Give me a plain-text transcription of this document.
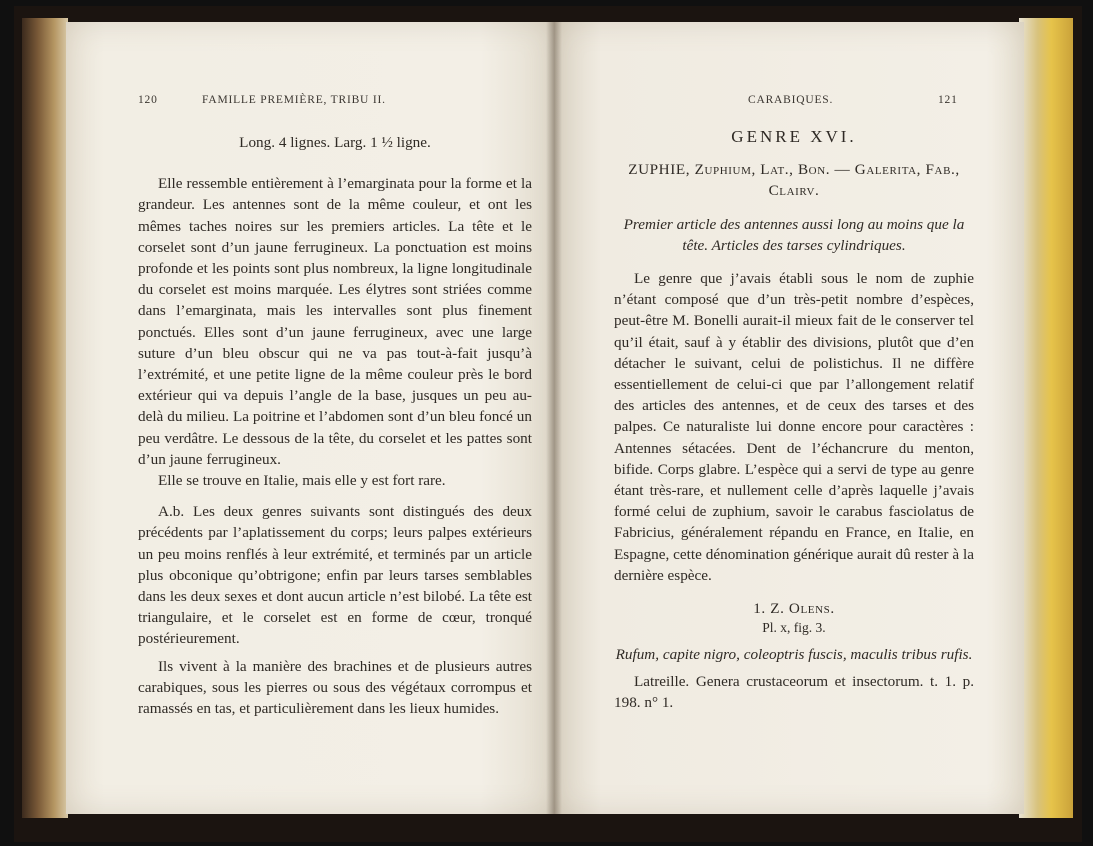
120	FAMILLE PREMIÈRE, TRIBU II.

Long. 4 lignes. Larg. 1 ½ ligne.

Elle ressemble entièrement à l’emarginata pour la forme et la grandeur. Les antennes sont de la même couleur, et ont les mêmes taches noires sur les premiers articles. La tête et le corselet sont d’un jaune ferrugineux. La ponctuation est moins profonde et les points sont plus nombreux, la ligne longitudinale du corselet est moins marquée. Les élytres sont striées comme dans l’emarginata, mais les intervalles sont plus finement ponctués. Elles sont d’un jaune ferrugineux, avec une large suture d’un bleu obscur qui ne va pas tout-à-fait jusqu’à l’extrémité, et une petite ligne de la même couleur près le bord extérieur qui va depuis l’angle de la base, jusques un peu au-delà du milieu. La poitrine et l’abdomen sont d’un bleu foncé un peu verdâtre. Le dessous de la tête, du corselet et les pattes sont d’un jaune ferrugineux.

Elle se trouve en Italie, mais elle y est fort rare.

A.b. Les deux genres suivants sont distingués des deux précédents par l’aplatissement du corps; leurs palpes extérieurs un peu moins renflés à leur extrémité, et terminés par un article plus obconique qu’obtrigone; enfin par leurs tarses semblables dans les deux sexes et dont aucun article n’est bilobé. La tête est triangulaire, et le corselet est en forme de cœur, tronqué postérieurement.

Ils vivent à la manière des brachines et de plusieurs autres carabiques, sous les pierres ou sous des végétaux corrompus et ramassés en tas, et particulièrement dans les lieux humides.

CARABIQUES.	121

GENRE XVI.

ZUPHIE, Zuphium, Lat., Bon. — Galerita, Fab., Clairv.

Premier article des antennes aussi long au moins que la tête. Articles des tarses cylindriques.

Le genre que j’avais établi sous le nom de zuphie n’étant composé que d’un très-petit nombre d’espèces, peut-être M. Bonelli aurait-il mieux fait de le conserver tel qu’il était, sauf à y établir des divisions, plutôt que d’en détacher le suivant, celui de polistichus. Il ne diffère essentiellement de celui-ci que par l’allongement relatif des articles des antennes, et de ceux des tarses et des palpes. Ce naturaliste lui donne encore pour caractères : Antennes sétacées. Dent de l’échancrure du menton, bifide. Corps glabre. L’espèce qui a servi de type au genre étant très-rare, et nullement celle d’après laquelle j’avais formé celui de zuphium, savoir le carabus fasciolatus de Fabricius, généralement répandu en France, en Italie, en Espagne, cette dénomination générique aurait dû rester à la dernière espèce.

1. Z. Olens.

Pl. x, fig. 3.

Rufum, capite nigro, coleoptris fuscis, maculis tribus rufis.

Latreille. Genera crustaceorum et insectorum. t. 1. p. 198. n° 1.
